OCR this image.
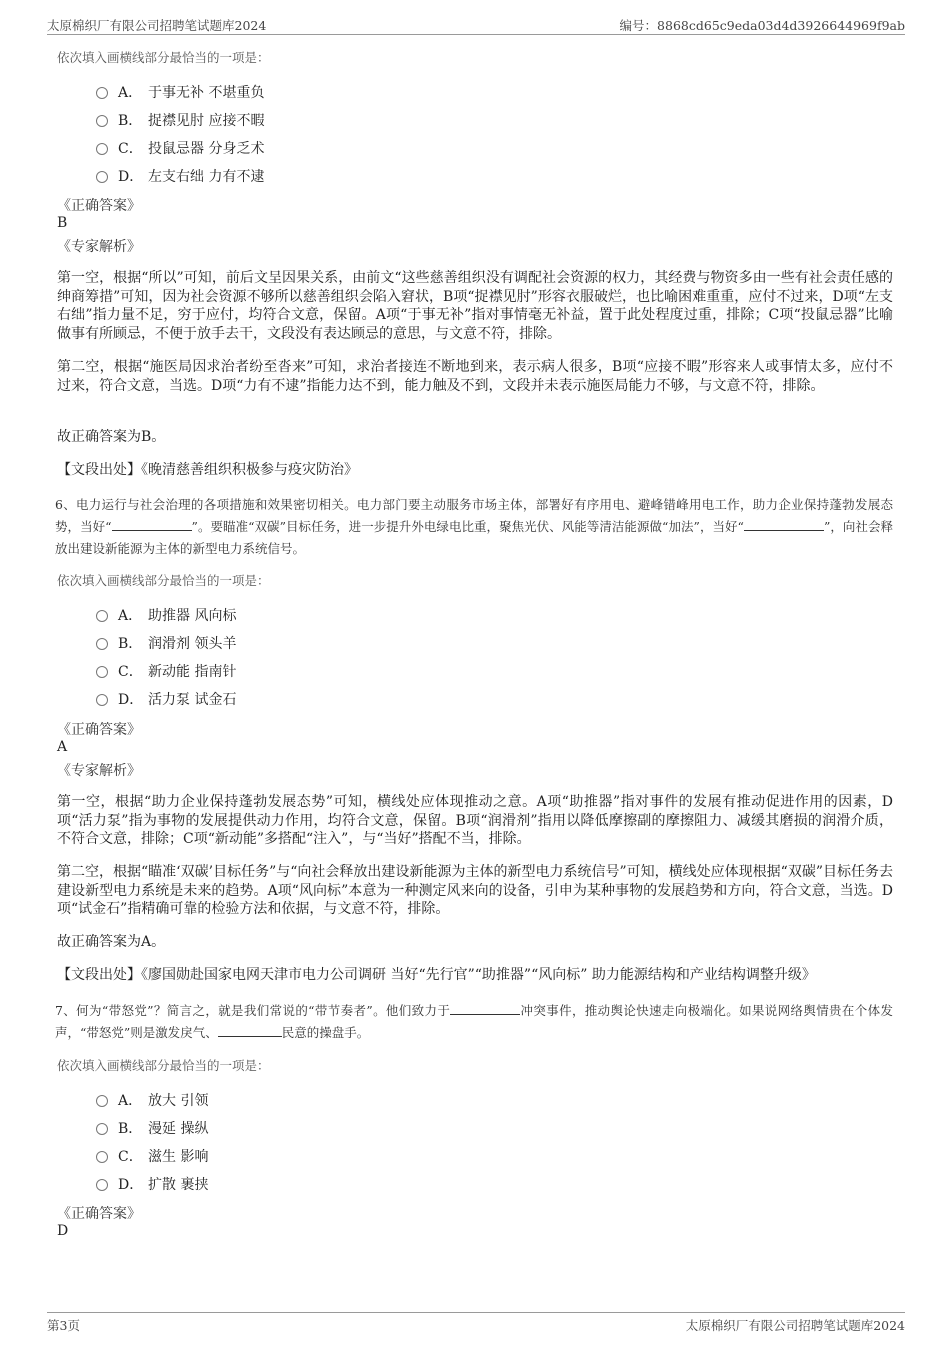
太原棉织厂有限公司招聘笔试题库2024	编号：8868cd65c9eda03d4d3926644969f9ab
依次填入画横线部分最恰当的一项是：
A． 于事无补 不堪重负
B． 捉襟见肘 应接不暇
C． 投鼠忌器 分身乏术
D． 左支右绌 力有不逮
《正确答案》
B
《专家解析》
第一空，根据“所以”可知，前后文呈因果关系，由前文“这些慈善组织没有调配社会资源的权力，其经费与物资多由一些有社会责任感的绅商筹措”可知，因为社会资源不够所以慈善组织会陷入窘状，B项“捉襟见肘”形容衣服破烂，也比喻困难重重，应付不过来，D项“左支右绌”指力量不足，穷于应付，均符合文意，保留。A项“于事无补”指对事情毫无补益，置于此处程度过重，排除；C项“投鼠忌器”比喻做事有所顾忌，不便于放手去干，文段没有表达顾忌的意思，与文意不符，排除。
第二空，根据“施医局因求治者纷至沓来”可知，求治者接连不断地到来，表示病人很多，B项“应接不暇”形容来人或事情太多，应付不过来，符合文意，当选。D项“力有不逮”指能力达不到，能力触及不到，文段并未表示施医局能力不够，与文意不符，排除。
故正确答案为B。
【文段出处】《晚清慈善组织积极参与疫灾防治》
6、电力运行与社会治理的各项措施和效果密切相关。电力部门要主动服务市场主体，部署好有序用电、避峰错峰用电工作，助力企业保持蓬勃发展态势，当好“	”。要瞄准“双碳”目标任务，进一步提升外电绿电比重，聚焦光伏、风能等清洁能源做“加法”，当好“	”，向社会释放出建设新能源为主体的新型电力系统信号。
依次填入画横线部分最恰当的一项是：
A． 助推器 风向标
B． 润滑剂 领头羊
C． 新动能 指南针
D． 活力泵 试金石
《正确答案》
A
《专家解析》
第一空，根据“助力企业保持蓬勃发展态势”可知，横线处应体现推动之意。A项“助推器”指对事件的发展有推动促进作用的因素，D项“活力泵”指为事物的发展提供动力作用，均符合文意，保留。B项“润滑剂”指用以降低摩擦副的摩擦阻力、减缓其磨损的润滑介质，不符合文意，排除；C项“新动能”多搭配“注入”，与“当好”搭配不当，排除。
第二空，根据“瞄准‘双碳’目标任务”与“向社会释放出建设新能源为主体的新型电力系统信号”可知，横线处应体现根据“双碳”目标任务去建设新型电力系统是未来的趋势。A项“风向标”本意为一种测定风来向的设备，引申为某种事物的发展趋势和方向，符合文意，当选。D项“试金石”指精确可靠的检验方法和依据，与文意不符，排除。
故正确答案为A。
【文段出处】《廖国勋赴国家电网天津市电力公司调研 当好“先行官”“助推器”“风向标” 助力能源结构和产业结构调整升级》
7、何为“带怒党”？简言之，就是我们常说的“带节奏者”。他们致力于	冲突事件，推动舆论快速走向极端化。如果说网络舆情贵在个体发声，“带怒党”则是激发戾气、	民意的操盘手。
依次填入画横线部分最恰当的一项是：
A． 放大 引领
B． 漫延 操纵
C． 滋生 影响
D． 扩散 裹挟
《正确答案》
D
第3页	太原棉织厂有限公司招聘笔试题库2024
